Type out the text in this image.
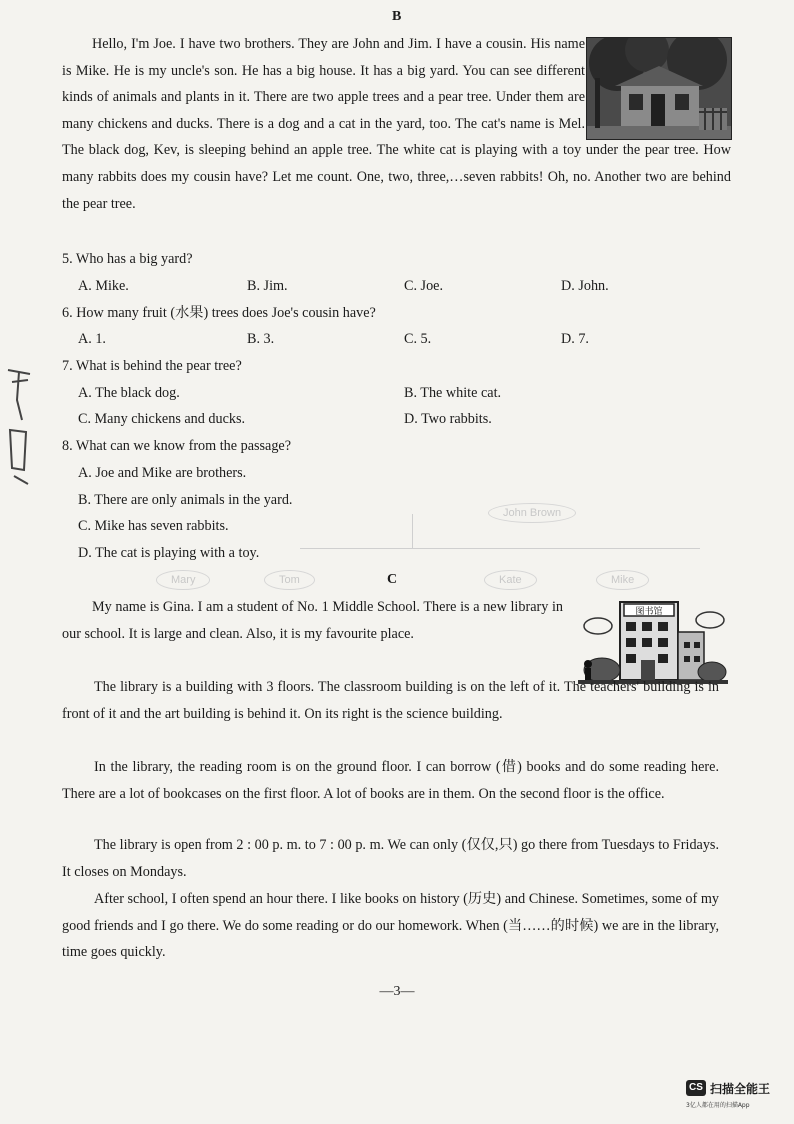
John Brown
Mike
Kate
Tom
Mary
B
Hello, I'm Joe. I have two brothers. They are John and Jim. I have a cousin. His name is Mike. He is my uncle's son. He has a big house. It has a big yard. You can see different kinds of animals and plants in it. There are two apple trees and a pear tree. Under them are many chickens and ducks. There is a dog and a cat in the yard, too. The cat's name is Mel. The black dog, Kev, is sleeping behind an apple tree. The white cat is playing with a toy under the pear tree. How many rabbits does my cousin have? Let me count. One, two, three,…seven rabbits! Oh, no. Another two are behind the pear tree.
5. Who has a big yard?
A. Mike.	B. Jim.	C. Joe.	D. John.
6. How many fruit (水果) trees does Joe's cousin have?
A. 1.	B. 3.	C. 5.	D. 7.
7. What is behind the pear tree?
A. The black dog.	B. The white cat.
C. Many chickens and ducks.	D. Two rabbits.
8. What can we know from the passage?
A. Joe and Mike are brothers.
B. There are only animals in the yard.
C. Mike has seven rabbits.
D. The cat is playing with a toy.
C
图书馆
My name is Gina. I am a student of No. 1 Middle School. There is a new library in our school. It is large and clean. Also, it is my favourite place.
The library is a building with 3 floors. The classroom building is on the left of it. The teachers' building is in front of it and the art building is behind it. On its right is the science building.
In the library, the reading room is on the ground floor. I can borrow (借) books and do some reading here. There are a lot of bookcases on the first floor. A lot of books are in them. On the second floor is the office.
The library is open from 2 : 00 p. m. to 7 : 00 p. m. We can only (仅仅,只) go there from Tuesdays to Fridays. It closes on Mondays.
After school, I often spend an hour there. I like books on history (历史) and Chinese. Sometimes, some of my good friends and I go there. We do some reading or do our homework. When (当……的时候) we are in the library, time goes quickly.
—3—
CS 扫描全能王
3亿人都在用的扫描App
